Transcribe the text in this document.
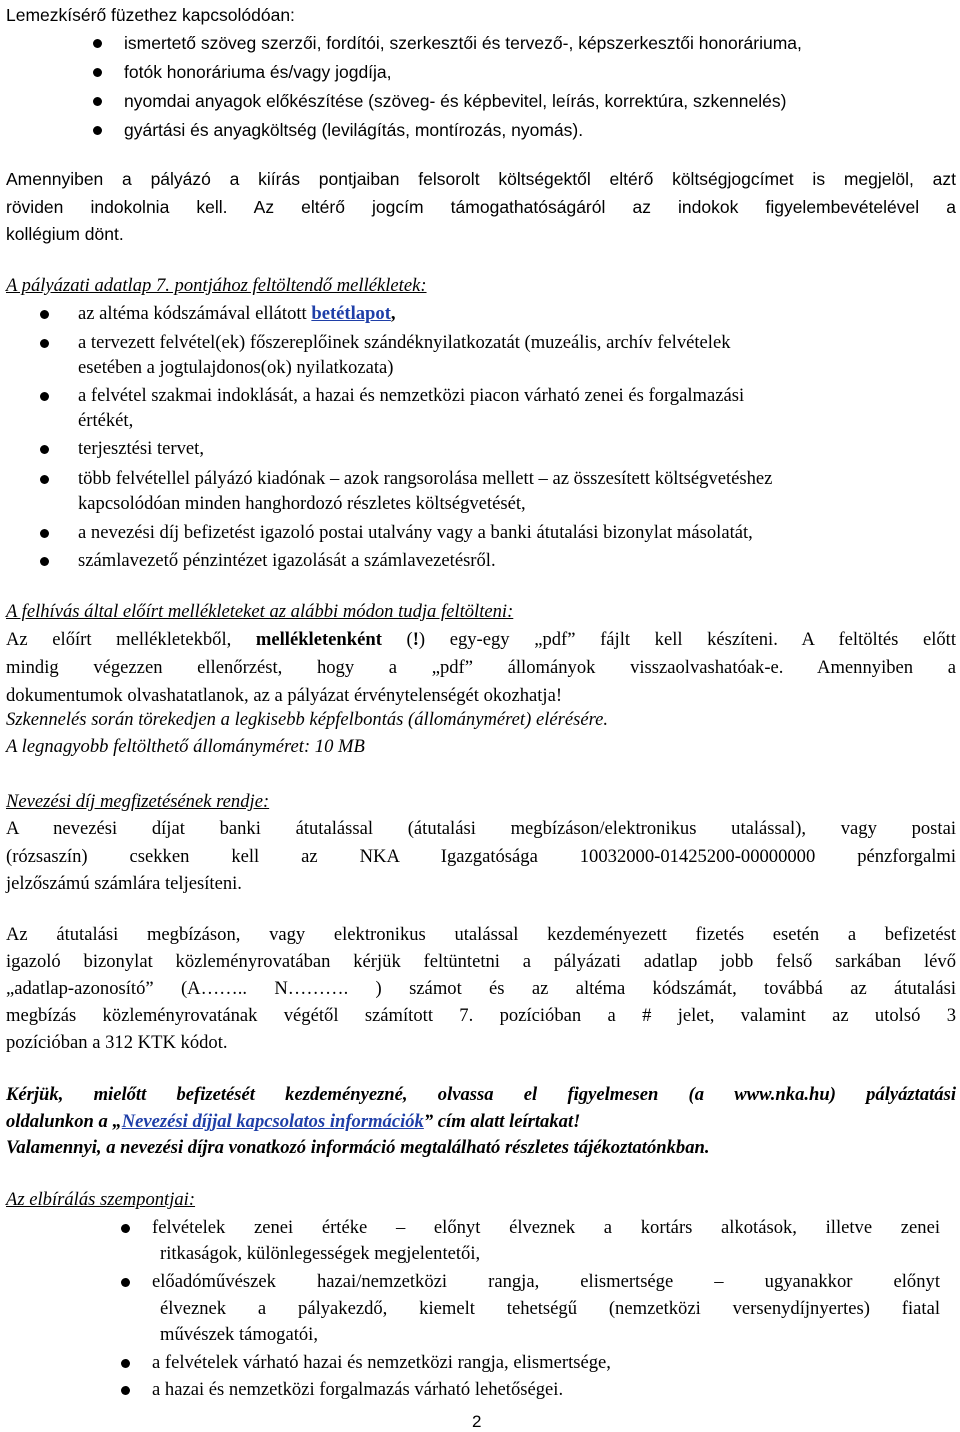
Lemezkísérő füzethez kapcsolódóan:
ismertető szöveg szerzői, fordítói, szerkesztői és tervező-, képszerkesztői honoráriuma,
fotók honoráriuma és/vagy jogdíja,
nyomdai anyagok előkészítése (szöveg- és képbevitel, leírás, korrektúra, szkennelés)
gyártási és anyagköltség (levilágítás, montírozás, nyomás).
Amennyiben a pályázó a kiírás pontjaiban felsorolt költségektől eltérő költségjogcímet is megjelöl, azt
röviden indokolnia kell. Az eltérő jogcím támogathatóságáról az indokok figyelembevételével a
kollégium dönt.
A pályázati adatlap 7. pontjához feltöltendő mellékletek:
az altéma kódszámával ellátott betétlapot,
a tervezett felvétel(ek) főszereplőinek szándéknyilatkozatát (muzeális, archív felvételek
esetében a jogtulajdonos(ok) nyilatkozata)
a felvétel szakmai indoklását, a hazai és nemzetközi piacon várható zenei és forgalmazási
értékét,
terjesztési tervet,
több felvétellel pályázó kiadónak – azok rangsorolása mellett – az összesített költségvetéshez
kapcsolódóan minden hanghordozó részletes költségvetését,
a nevezési díj befizetést igazoló postai utalvány vagy a banki átutalási bizonylat másolatát,
számlavezető pénzintézet igazolását a számlavezetésről.
A felhívás által előírt mellékleteket az alábbi módon tudja feltölteni:
Az előírt mellékletekből, mellékletenként (!) egy-egy „pdf” fájlt kell készíteni. A feltöltés előtt
mindig végezzen ellenőrzést, hogy a „pdf” állományok visszaolvashatóak-e. Amennyiben a
dokumentumok olvashatatlanok, az a pályázat érvénytelenségét okozhatja!
Szkennelés során törekedjen a legkisebb képfelbontás (állományméret) elérésére.
A legnagyobb feltölthető állományméret: 10 MB
Nevezési díj megfizetésének rendje:
A nevezési díjat banki átutalással (átutalási megbízáson/elektronikus utalással), vagy postai
(rózsaszín) csekken kell az NKA Igazgatósága 10032000-01425200-00000000 pénzforgalmi
jelzőszámú számlára teljesíteni.
Az átutalási megbízáson, vagy elektronikus utalással kezdeményezett fizetés esetén a befizetést
igazoló bizonylat közleményrovatában kérjük feltüntetni a pályázati adatlap jobb felső sarkában lévő
„adatlap-azonosító” (A…….. N………. ) számot és az altéma kódszámát, továbbá az átutalási
megbízás közleményrovatának végétől számított 7. pozícióban a # jelet, valamint az utolsó 3
pozícióban a 312 KTK kódot.
Kérjük, mielőtt befizetését kezdeményezné, olvassa el figyelmesen (a www.nka.hu) pályáztatási
oldalunkon a „Nevezési díjjal kapcsolatos információk” cím alatt leírtakat!
Valamennyi, a nevezési díjra vonatkozó információ megtalálható részletes tájékoztatónkban.
Az elbírálás szempontjai:
felvételek zenei értéke – előnyt élveznek a kortárs alkotások, illetve zenei
ritkaságok, különlegességek megjelentetői,
előadóművészek hazai/nemzetközi rangja, elismertsége – ugyanakkor előnyt
élveznek a pályakezdő, kiemelt tehetségű (nemzetközi versenydíjnyertes) fiatal
művészek támogatói,
a felvételek várható hazai és nemzetközi rangja, elismertsége,
a hazai és nemzetközi forgalmazás várható lehetőségei.
2
